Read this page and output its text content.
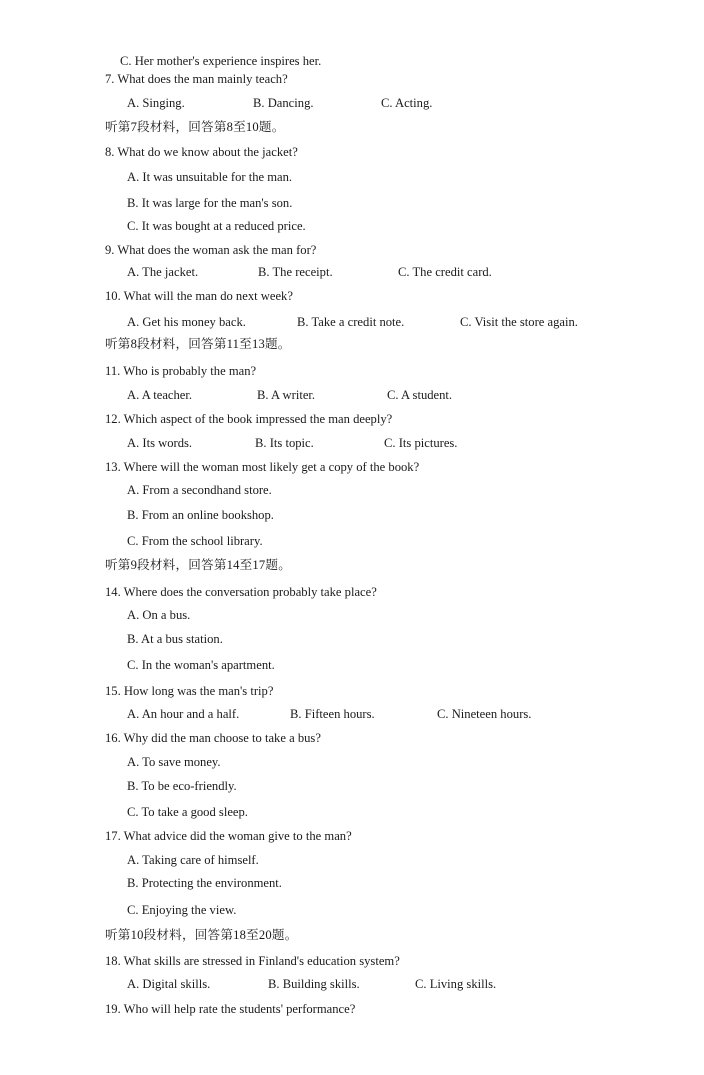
C. Her mother's experience inspires her.
7. What does the man mainly teach?
A. Singing.	B. Dancing.	C. Acting.
听第7段材料，回答第8至10题。
8. What do we know about the jacket?
A. It was unsuitable for the man.
B. It was large for the man's son.
C. It was bought at a reduced price.
9. What does the woman ask the man for?
A. The jacket.	B. The receipt.	C. The credit card.
10. What will the man do next week?
A. Get his money back.	B. Take a credit note.	C. Visit the store again.
听第8段材料，回答第11至13题。
11. Who is probably the man?
A. A teacher.	B. A writer.	C. A student.
12. Which aspect of the book impressed the man deeply?
A. Its words.	B. Its topic.	C. Its pictures.
13. Where will the woman most likely get a copy of the book?
A. From a secondhand store.
B. From an online bookshop.
C. From the school library.
听第9段材料，回答第14至17题。
14. Where does the conversation probably take place?
A. On a bus.
B. At a bus station.
C. In the woman's apartment.
15. How long was the man's trip?
A. An hour and a half.	B. Fifteen hours.	C. Nineteen hours.
16. Why did the man choose to take a bus?
A. To save money.
B. To be eco-friendly.
C. To take a good sleep.
17. What advice did the woman give to the man?
A. Taking care of himself.
B. Protecting the environment.
C. Enjoying the view.
听第10段材料，回答第18至20题。
18. What skills are stressed in Finland's education system?
A. Digital skills.	B. Building skills.	C. Living skills.
19. Who will help rate the students' performance?
